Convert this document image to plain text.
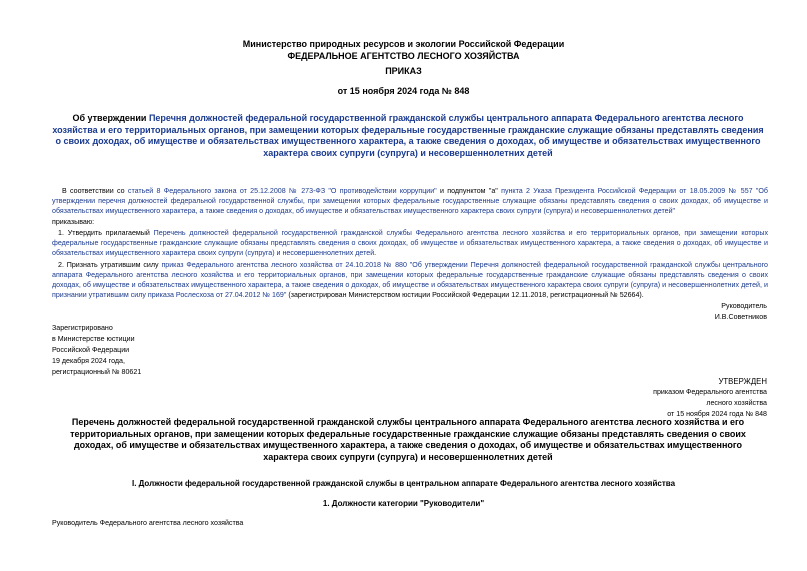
Министерство природных ресурсов и экологии Российской Федерации
ФЕДЕРАЛЬНОЕ АГЕНТСТВО ЛЕСНОГО ХОЗЯЙСТВА
ПРИКАЗ
от 15 ноября 2024 года № 848
Об утверждении Перечня должностей федеральной государственной гражданской службы центрального аппарата Федерального агентства лесного хозяйства и его территориальных органов, при замещении которых федеральные государственные гражданские служащие обязаны представлять сведения о своих доходах, об имуществе и обязательствах имущественного характера, а также сведения о доходах, об имуществе и обязательствах имущественного характера своих супруги (супруга) и несовершеннолетних детей
В соответствии со статьей 8 Федерального закона от 25.12.2008 № 273-ФЗ "О противодействии коррупции" и подпунктом "а" пункта 2 Указа Президента Российской Федерации от 18.05.2009 № 557 "Об утверждении перечня должностей федеральной государственной службы, при замещении которых федеральные государственные служащие обязаны представлять сведения о своих доходах, об имуществе и обязательствах имущественного характера, а также сведения о доходах, об имуществе и обязательствах имущественного характера своих супруги (супруга) и несовершеннолетних детей"
приказываю:
1. Утвердить прилагаемый Перечень должностей федеральной государственной гражданской службы Федерального агентства лесного хозяйства и его территориальных органов, при замещении которых федеральные государственные гражданские служащие обязаны представлять сведения о своих доходах, об имуществе и обязательствах имущественного характера, а также сведения о доходах, об имуществе и обязательствах имущественного характера своих супруги (супруга) и несовершеннолетних детей.
2. Признать утратившим силу приказ Федерального агентства лесного хозяйства от 24.10.2018 № 880 "Об утверждении Перечня должностей федеральной государственной гражданской службы центрального аппарата Федерального агентства лесного хозяйства и его территориальных органов, при замещении которых федеральные государственные гражданские служащие обязаны представлять сведения о своих доходах, об имуществе и обязательствах имущественного характера, а также сведения о доходах, об имуществе и обязательствах имущественного характера своих супруги (супруга) и несовершеннолетних детей, и признании утратившим силу приказа Рослесхоза от 27.04.2012 № 169" (зарегистрирован Министерством юстиции Российской Федерации 12.11.2018, регистрационный № 52664).
Руководитель
И.В.Советников
Зарегистрировано
в Министерстве юстиции
Российской Федерации
19 декабря 2024 года,
регистрационный № 80621
УТВЕРЖДЕН
приказом Федерального агентства
лесного хозяйства
от 15 ноября 2024 года № 848
Перечень должностей федеральной государственной гражданской службы центрального аппарата Федерального агентства лесного хозяйства и его территориальных органов, при замещении которых федеральные государственные гражданские служащие обязаны представлять сведения о своих доходах, об имуществе и обязательствах имущественного характера, а также сведения о доходах, об имуществе и обязательствах имущественного характера своих супруги (супруга) и несовершеннолетних детей
I. Должности федеральной государственной гражданской службы в центральном аппарате Федерального агентства лесного хозяйства
1. Должности категории "Руководители"
Руководитель Федерального агентства лесного хозяйства
